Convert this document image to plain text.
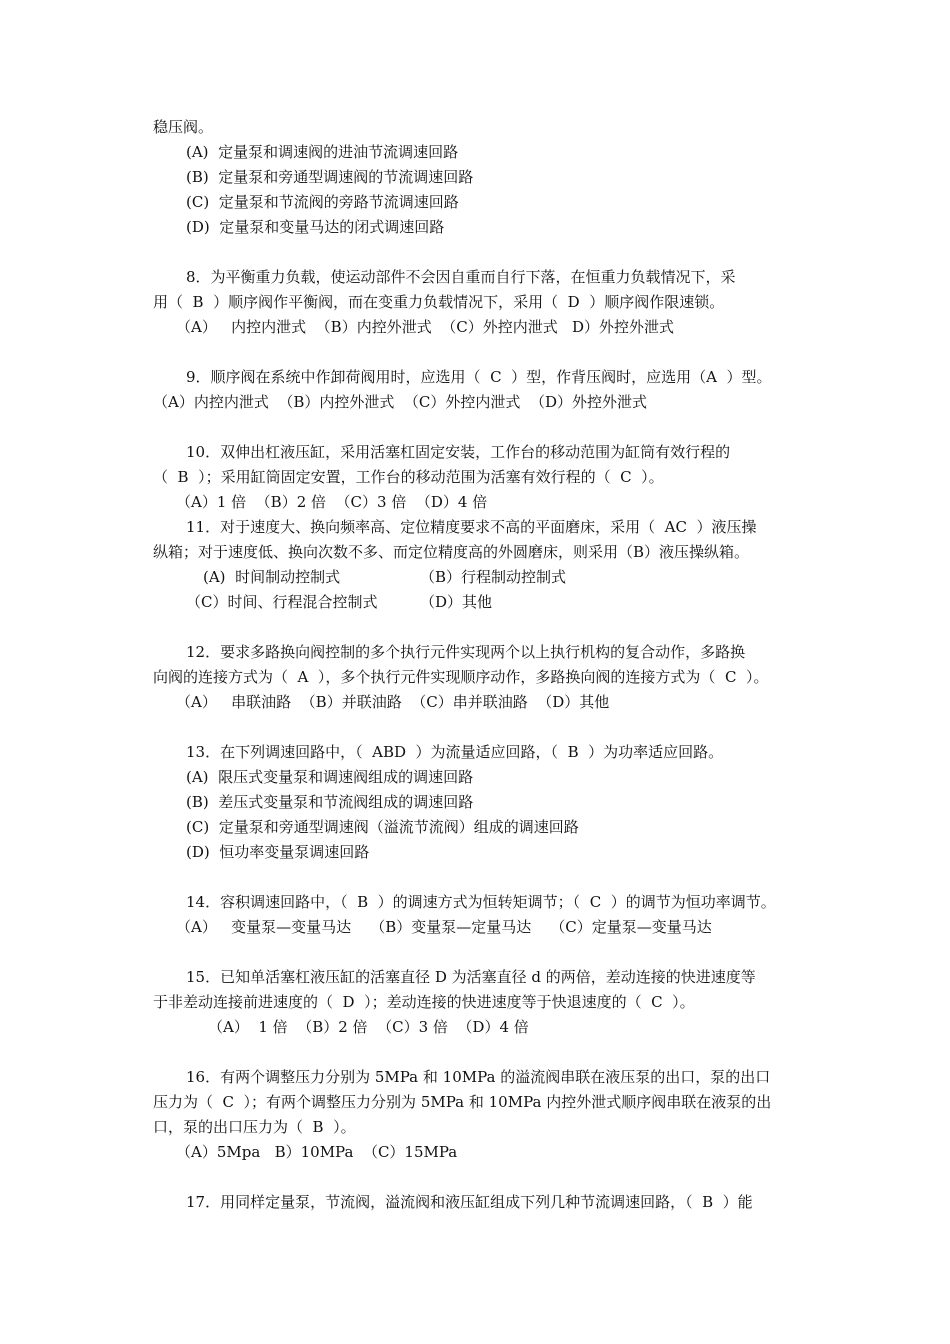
稳压阀。
(A)  定量泵和调速阀的进油节流调速回路
(B)  定量泵和旁通型调速阀的节流调速回路
(C)  定量泵和节流阀的旁路节流调速回路
(D)  定量泵和变量马达的闭式调速回路
8．为平衡重力负载，使运动部件不会因自重而自行下落，在恒重力负载情况下，采
用（  B  ）顺序阀作平衡阀，而在变重力负载情况下，采用（  D  ）顺序阀作限速锁。
（A）   内控内泄式  （B）内控外泄式  （C）外控内泄式   D）外控外泄式
9．顺序阀在系统中作卸荷阀用时，应选用（  C  ）型，作背压阀时，应选用（A  ）型。
（A）内控内泄式  （B）内控外泄式  （C）外控内泄式  （D）外控外泄式
10．双伸出杠液压缸，采用活塞杠固定安装，工作台的移动范围为缸筒有效行程的
（  B  ）；采用缸筒固定安置，工作台的移动范围为活塞有效行程的（  C  ）。
（A）1 倍  （B）2 倍  （C）3 倍  （D）4 倍
11．对于速度大、换向频率高、定位精度要求不高的平面磨床，采用（  AC  ）液压操
纵箱；对于速度低、换向次数不多、而定位精度高的外圆磨床，则采用（B）液压操纵箱。
(A)  时间制动控制式	（B）行程制动控制式
（C）时间、行程混合控制式	（D）其他
12．要求多路换向阀控制的多个执行元件实现两个以上执行机构的复合动作，多路换
向阀的连接方式为（  A  ），多个执行元件实现顺序动作，多路换向阀的连接方式为（  C  ）。
（A）   串联油路  （B）并联油路  （C）串并联油路  （D）其他
13．在下列调速回路中，（  ABD  ）为流量适应回路，（  B  ）为功率适应回路。
(A)  限压式变量泵和调速阀组成的调速回路
(B)  差压式变量泵和节流阀组成的调速回路
(C)  定量泵和旁通型调速阀（溢流节流阀）组成的调速回路
(D)  恒功率变量泵调速回路
14．容积调速回路中，（  B  ）的调速方式为恒转矩调节；（  C  ）的调节为恒功率调节。
（A）   变量泵—变量马达    （B）变量泵—定量马达    （C）定量泵—变量马达
15．已知单活塞杠液压缸的活塞直径 D 为活塞直径 d 的两倍，差动连接的快进速度等
于非差动连接前进速度的（  D  ）；差动连接的快进速度等于快退速度的（  C  ）。
（A）  1 倍  （B）2 倍  （C）3 倍  （D）4 倍
16．有两个调整压力分别为 5MPa 和 10MPa 的溢流阀串联在液压泵的出口，泵的出口
压力为（  C  ）；有两个调整压力分别为 5MPa 和 10MPa 内控外泄式顺序阀串联在液泵的出
口，泵的出口压力为（  B  ）。
（A）5Mpa   B）10MPa  （C）15MPa
17．用同样定量泵，节流阀，溢流阀和液压缸组成下列几种节流调速回路，（  B  ）能
